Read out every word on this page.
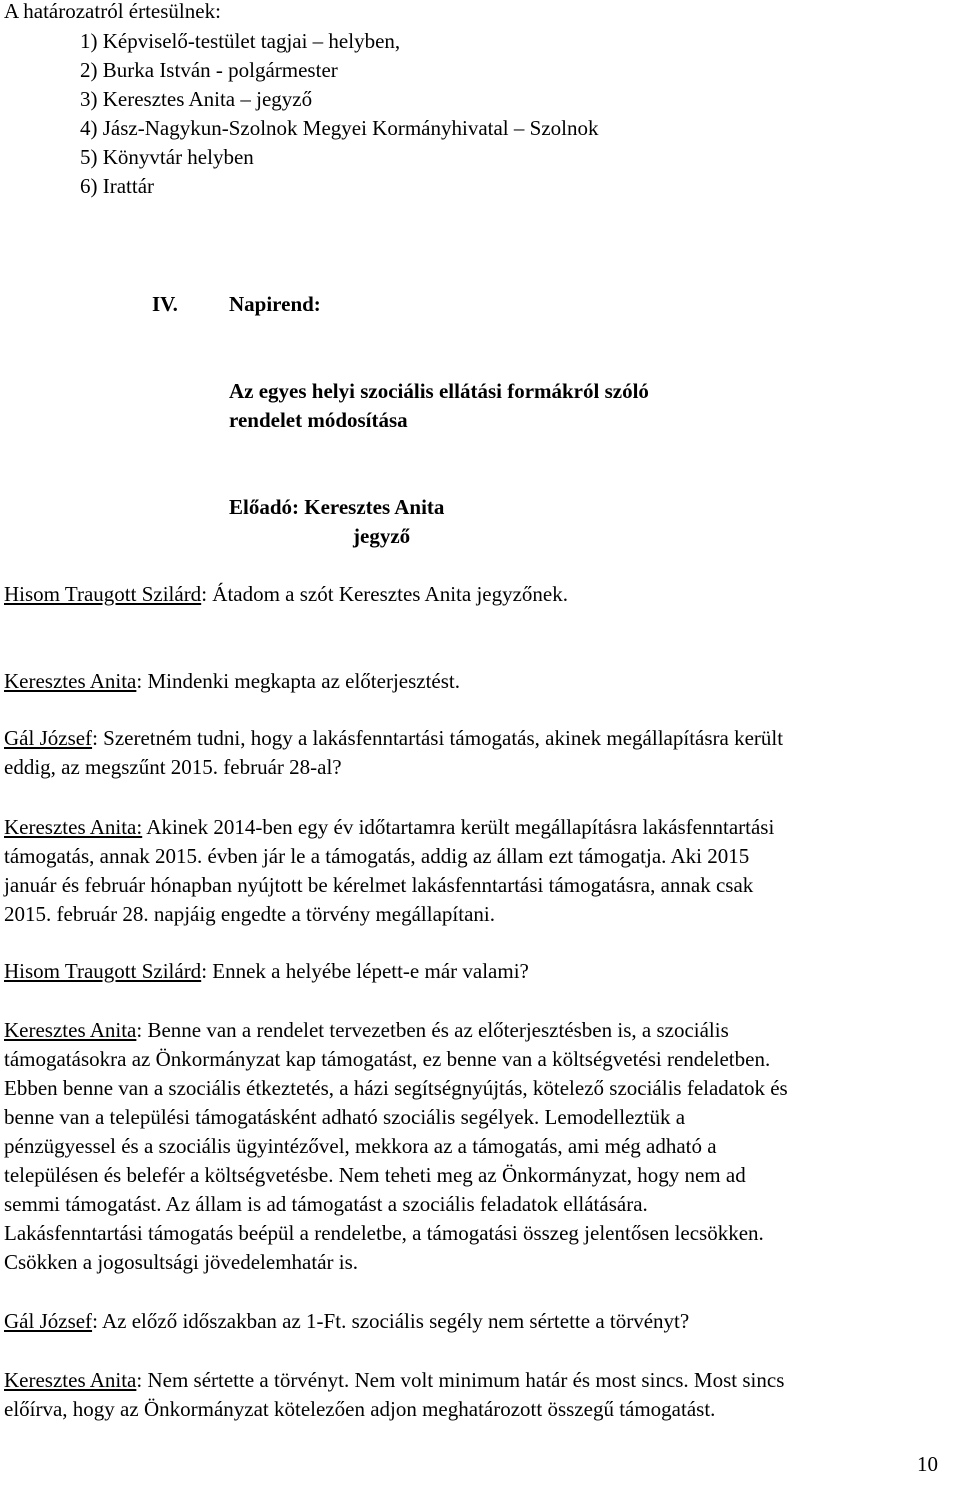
A határozatról értesülnek:
1) Képviselő-testület tagjai – helyben,
2) Burka István - polgármester
3) Keresztes Anita – jegyző
4) Jász-Nagykun-Szolnok Megyei Kormányhivatal – Szolnok
5) Könyvtár helyben
6) Irattár
IV. Napirend:
Az egyes helyi szociális ellátási formákról szóló
rendelet módosítása
Előadó: Keresztes Anita
jegyző
Hisom Traugott Szilárd: Átadom a szót Keresztes Anita jegyzőnek.
Keresztes Anita: Mindenki megkapta az előterjesztést.
Gál József: Szeretném tudni, hogy a lakásfenntartási támogatás, akinek megállapításra került
eddig, az megszűnt 2015. február 28-al?
Keresztes Anita: Akinek 2014-ben egy év időtartamra került megállapításra lakásfenntartási
támogatás, annak 2015. évben jár le a támogatás, addig az állam ezt támogatja. Aki 2015
január és február hónapban nyújtott be kérelmet lakásfenntartási támogatásra, annak csak
2015. február 28. napjáig engedte a törvény megállapítani.
Hisom Traugott Szilárd: Ennek a helyébe lépett-e már valami?
Keresztes Anita: Benne van a rendelet tervezetben és az előterjesztésben is, a szociális
támogatásokra az Önkormányzat kap támogatást, ez benne van a költségvetési rendeletben.
Ebben benne van a szociális étkeztetés, a házi segítségnyújtás, kötelező szociális feladatok és
benne van a települési támogatásként adható szociális segélyek. Lemodelleztük a
pénzügyessel és a szociális ügyintézővel, mekkora az a támogatás, ami még adható a
településen és belefér a költségvetésbe. Nem teheti meg az Önkormányzat, hogy nem ad
semmi támogatást. Az állam is ad támogatást a szociális feladatok ellátására.
Lakásfenntartási támogatás beépül a rendeletbe, a támogatási összeg jelentősen lecsökken.
Csökken a jogosultsági jövedelemhatár is.
Gál József: Az előző időszakban az 1-Ft. szociális segély nem sértette a törvényt?
Keresztes Anita: Nem sértette a törvényt. Nem volt minimum határ és most sincs. Most sincs
előírva, hogy az Önkormányzat kötelezően adjon meghatározott összegű támogatást.
10
